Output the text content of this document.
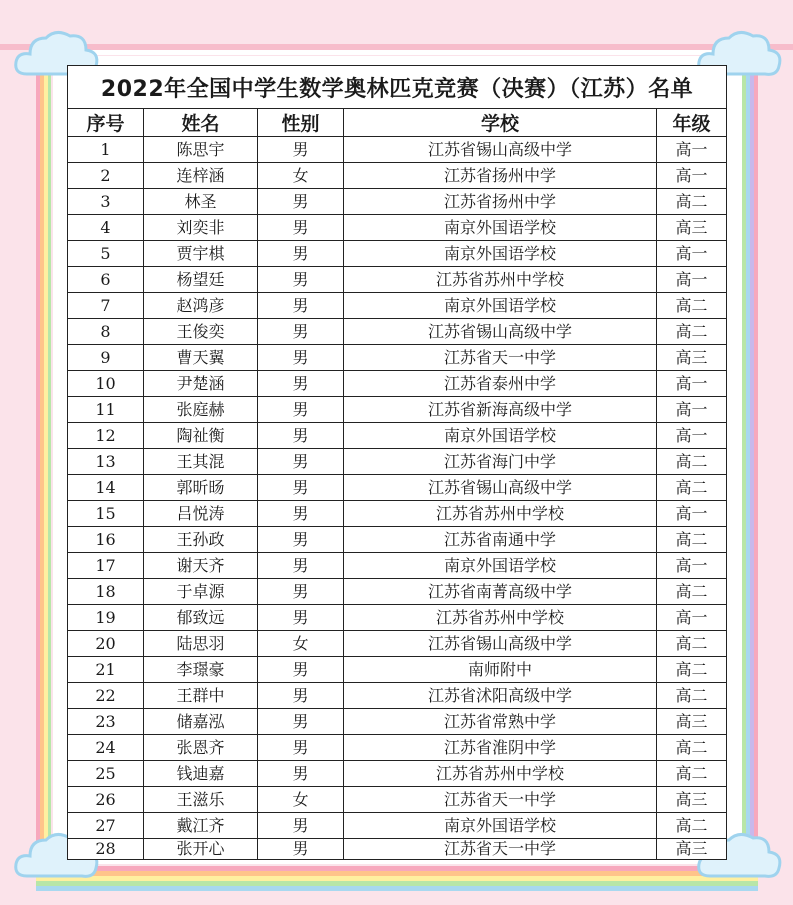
2022年全国中学生数学奥林匹克竞赛（决赛）（江苏）名单				
序号	姓名	性别	学校	年级
1	陈思宇	男	江苏省锡山高级中学	高一
2	连梓涵	女	江苏省扬州中学	高一
3	林圣	男	江苏省扬州中学	高二
4	刘奕非	男	南京外国语学校	高三
5	贾宇棋	男	南京外国语学校	高一
6	杨望廷	男	江苏省苏州中学校	高一
7	赵鸿彦	男	南京外国语学校	高二
8	王俊奕	男	江苏省锡山高级中学	高二
9	曹天翼	男	江苏省天一中学	高三
10	尹楚涵	男	江苏省泰州中学	高一
11	张庭赫	男	江苏省新海高级中学	高一
12	陶祉衡	男	南京外国语学校	高一
13	王其混	男	江苏省海门中学	高二
14	郭昕旸	男	江苏省锡山高级中学	高二
15	吕悦涛	男	江苏省苏州中学校	高一
16	王孙政	男	江苏省南通中学	高二
17	谢天齐	男	南京外国语学校	高一
18	于卓源	男	江苏省南菁高级中学	高二
19	郁致远	男	江苏省苏州中学校	高一
20	陆思羽	女	江苏省锡山高级中学	高二
21	李璟豪	男	南师附中	高二
22	王群中	男	江苏省沭阳高级中学	高二
23	储嘉泓	男	江苏省常熟中学	高三
24	张恩齐	男	江苏省淮阴中学	高二
25	钱迪嘉	男	江苏省苏州中学校	高二
26	王滋乐	女	江苏省天一中学	高三
27	戴江齐	男	南京外国语学校	高二
28	张开心	男	江苏省天一中学	高三
